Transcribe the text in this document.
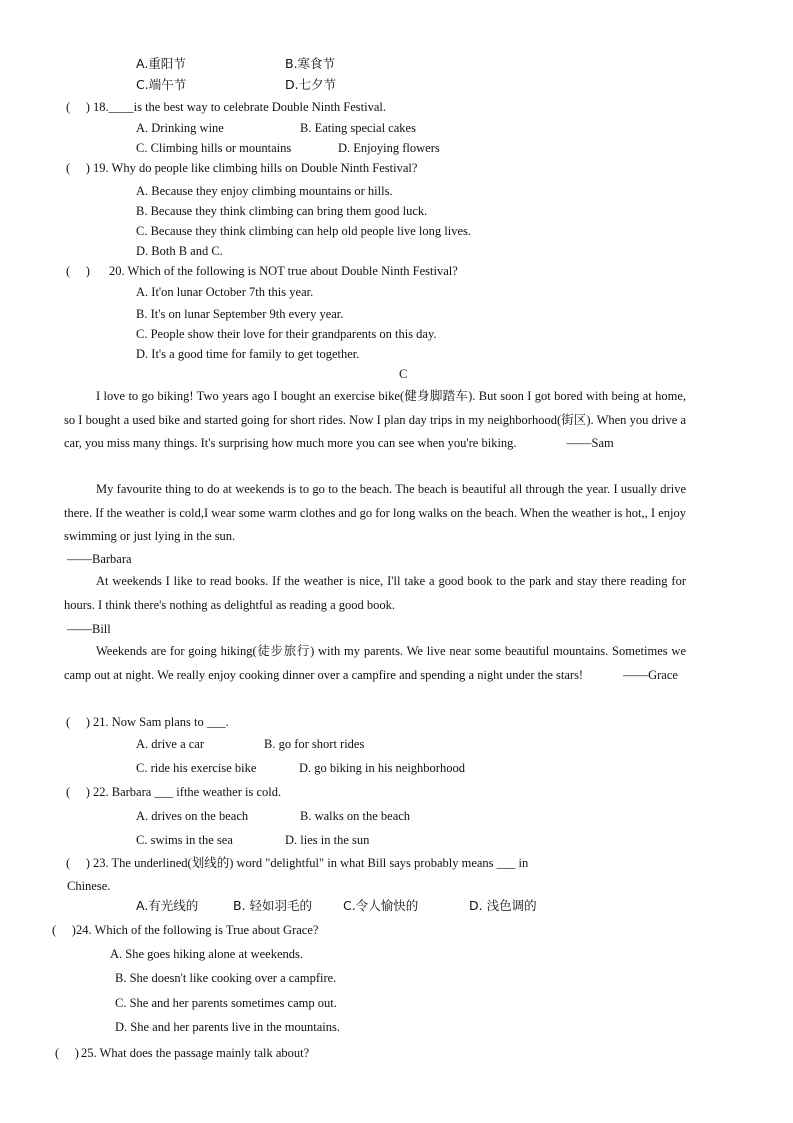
A.重阳节	B.寒食节
C.端午节	D.七夕节
(　 ) 18.____is the best way to celebrate Double Ninth Festival.
A. Drinking wine	B. Eating special cakes
C. Climbing hills or mountains	D. Enjoying flowers
(　 ) 19. Why do people like climbing hills on Double Ninth Festival?
A. Because they enjoy climbing mountains or hills.
B. Because they think climbing can bring them good luck.
C. Because they think climbing can help old people live long lives.
D. Both B and C.
(　 ) 20. Which of the following is NOT true about Double Ninth Festival?
A. It'on lunar October 7th this year.
B. It's on lunar September 9th every year.
C. People show their love for their grandparents on this day.
D. It's a good time for family to get together.
C
I love to go biking! Two years ago I bought an exercise bike(健身脚踏车). But soon I got bored with being at home, so I bought a used bike and started going for short rides. Now I plan day trips in my neighborhood(街区). When you drive a car, you miss many things. It's surprising how much more you can see when you're biking.	——Sam
My favourite thing to do at weekends is to go to the beach. The beach is beautiful all through the year. I usually drive there. If the weather is cold,I wear some warm clothes and go for long walks on the beach. When the weather is hot,, I enjoy swimming or just lying in the sun.
——Barbara
At weekends I like to read books. If the weather is nice, I'll take a good book to the park and stay there reading for hours. I think there's nothing as delightful as reading a good book.
——Bill
Weekends are for going hiking(徒步旅行) with my parents. We live near some beautiful mountains. Sometimes we camp out at night. We really enjoy cooking dinner over a campfire and spending a night under the stars!	——Grace
(　 ) 21. Now Sam plans to ___.
A. drive a car	B. go for short rides
C. ride his exercise bike	D. go biking in his neighborhood
(　 ) 22. Barbara ___ ifthe weather is cold.
A. drives on the beach	B. walks on the beach
C. swims in the sea	D. lies in the sun
(　 ) 23. The underlined(划线的) word "delightful" in what Bill says probably means ___ in
Chinese.
A.有光线的	B. 轻如羽毛的 C.令人愉快的	D. 浅色调的
(　 ) 24. Which of the following is True about Grace?
A. She goes hiking alone at weekends.
B. She doesn't like cooking over a campfire.
C. She and her parents sometimes camp out.
D. She and her parents live in the mountains.
(　 ) 25. What does the passage mainly talk about?
